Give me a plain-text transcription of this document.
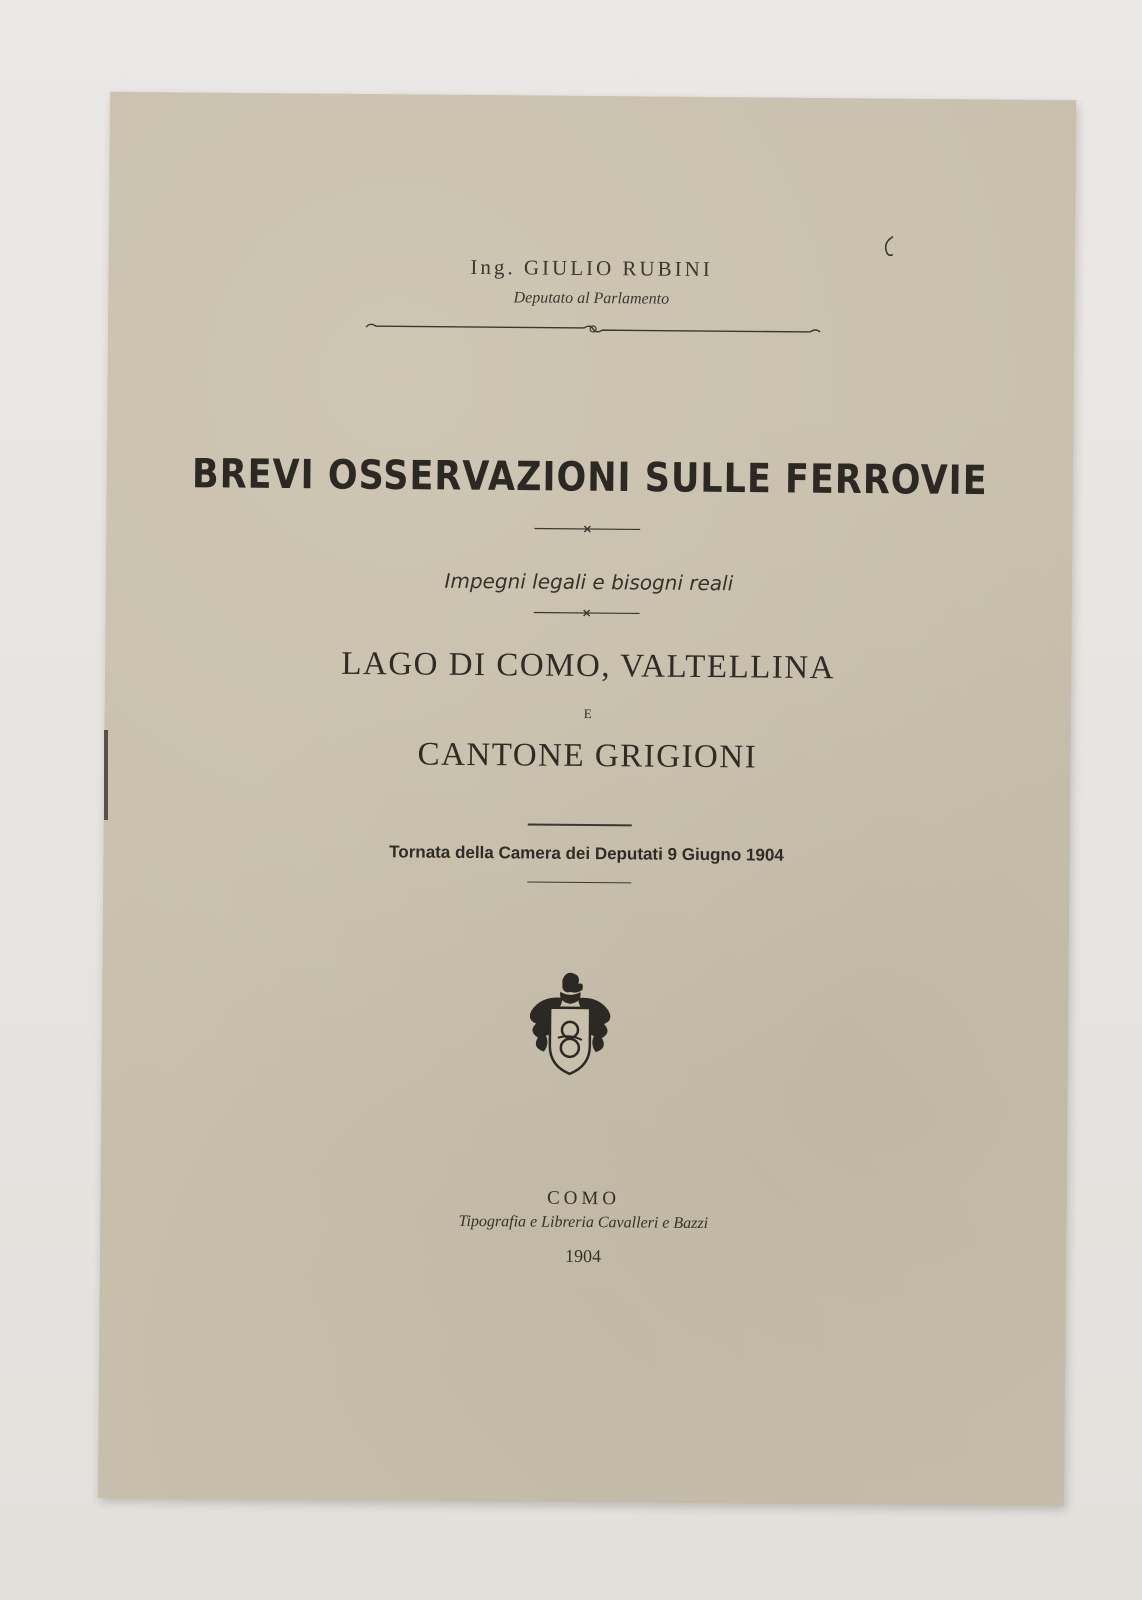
Ing. GIULIO RUBINI
Deputato al Parlamento
BREVI OSSERVAZIONI SULLE FERROVIE
Impegni legali e bisogni reali
LAGO DI COMO, VALTELLINA
E
CANTONE GRIGIONI
Tornata della Camera dei Deputati 9 Giugno 1904
COMO
Tipografia e Libreria Cavalleri e Bazzi
1904
